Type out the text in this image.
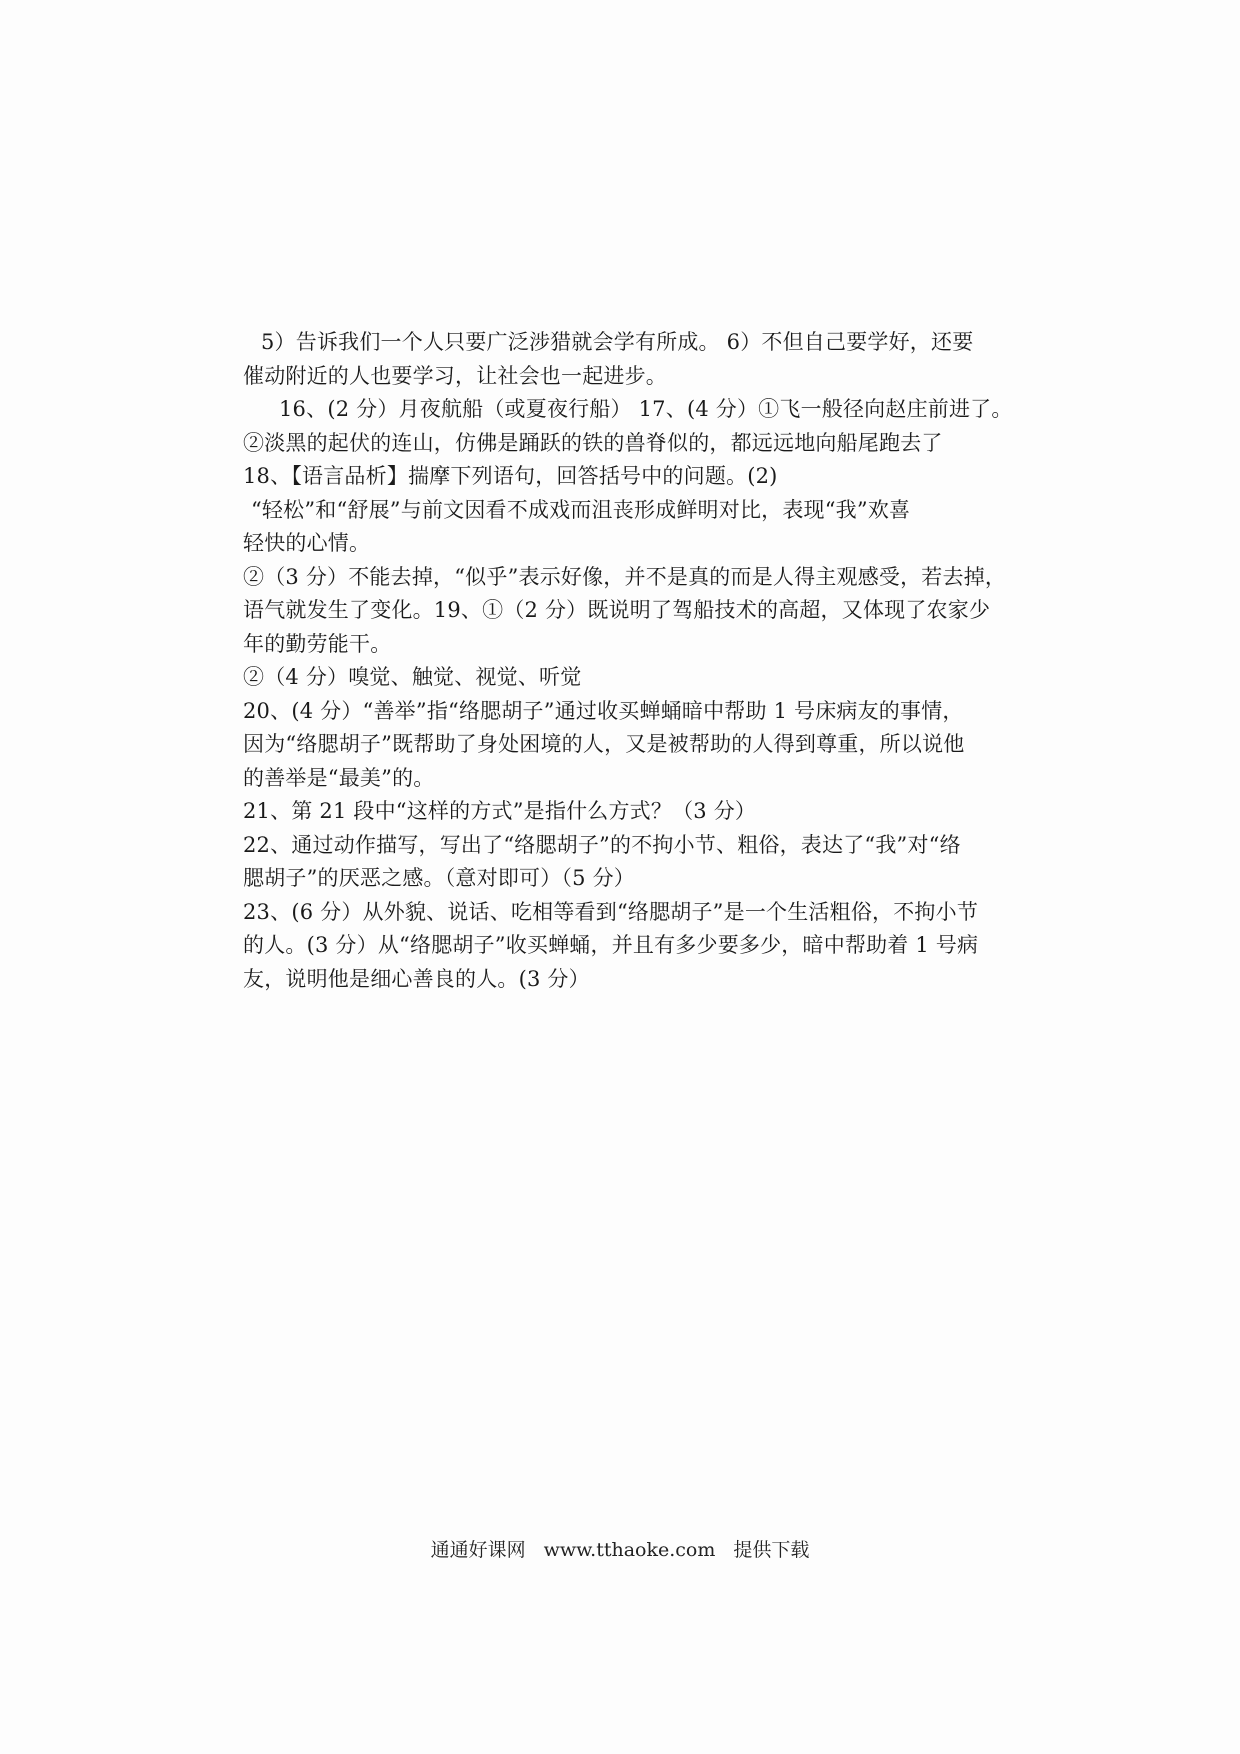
5）告诉我们一个人只要广泛涉猎就会学有所成。 6）不但自己要学好，还要
催动附近的人也要学习，让社会也一起进步。
16、(2 分）月夜航船（或夏夜行船） 17、(4 分）①飞一般径向赵庄前进了。
②淡黑的起伏的连山，仿佛是踊跃的铁的兽脊似的，都远远地向船尾跑去了
18、【语言品析】揣摩下列语句，回答括号中的问题。(2)
“轻松”和“舒展”与前文因看不成戏而沮丧形成鲜明对比，表现“我”欢喜
轻快的心情。
②（3 分）不能去掉，“似乎”表示好像，并不是真的而是人得主观感受，若去掉，
语气就发生了变化。19、①（2 分）既说明了驾船技术的高超，又体现了农家少
年的勤劳能干。
②（4 分）嗅觉、触觉、视觉、听觉
20、(4 分）“善举”指“络腮胡子”通过收买蝉蛹暗中帮助 1 号床病友的事情，
因为“络腮胡子”既帮助了身处困境的人，又是被帮助的人得到尊重，所以说他
的善举是“最美”的。
21、第 21 段中“这样的方式”是指什么方式？（3 分）
22、通过动作描写，写出了“络腮胡子”的不拘小节、粗俗，表达了“我”对“络
腮胡子”的厌恶之感。（意对即可）（5 分）
23、(6 分）从外貌、说话、吃相等看到“络腮胡子”是一个生活粗俗，不拘小节
的人。(3 分）从“络腮胡子”收买蝉蛹，并且有多少要多少，暗中帮助着 1 号病
友，说明他是细心善良的人。(3 分）
通通好课网 www.tthaoke.com 提供下载
